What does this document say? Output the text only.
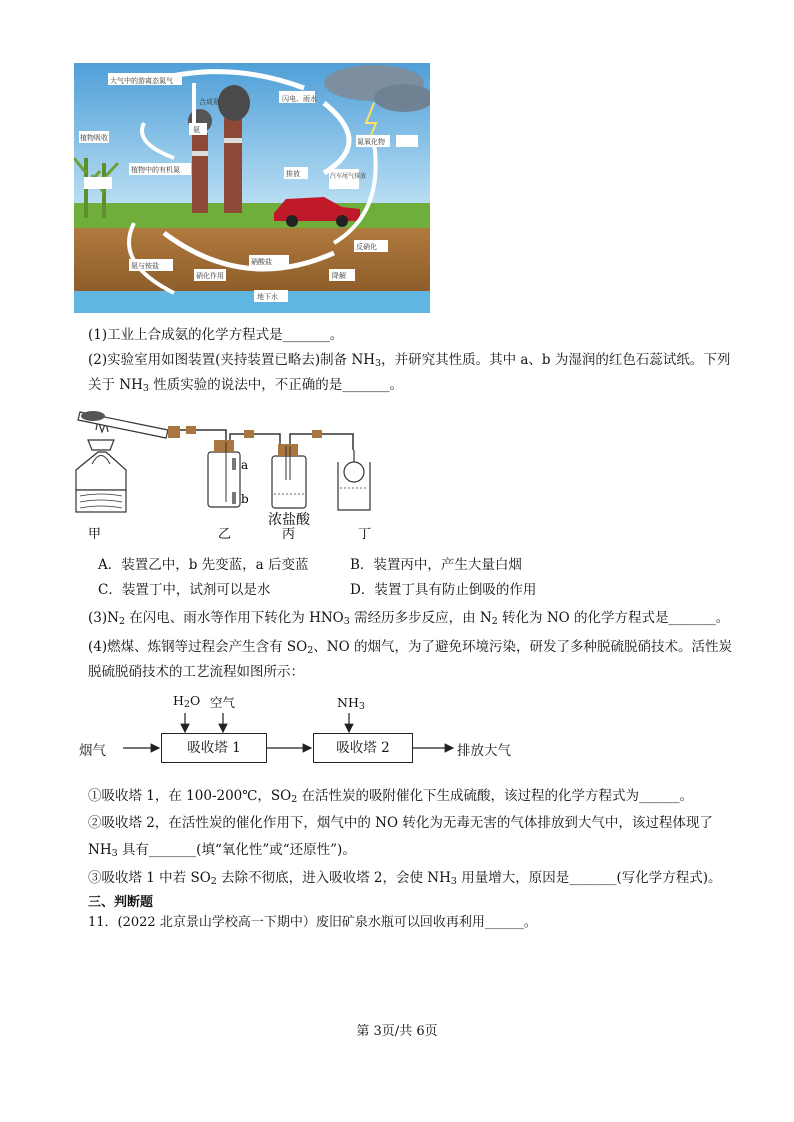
大气中的游离态氮气
合成氨
氨
闪电、雨水
植物吸收
植物中的有机氮	排放
氮氧化物
汽车尾气排放
氨与铵盐	硝酸盐
硝化作用
反硝化
降解
地下水
(1)工业上合成氨的化学方程式是_______。
(2)实验室用如图装置(夹持装置已略去)制备 $NH_3$，并研究其性质。其中 a、b 为湿润的红色石蕊试纸。下列
关于 $NH_3$ 性质实验的说法中，不正确的是_______。
a
b
浓盐酸
甲	乙	丙	丁
A．装置乙中，b 先变蓝，a 后变蓝	B．装置丙中，产生大量白烟
C．装置丁中，试剂可以是水	D．装置丁具有防止倒吸的作用
$(3)N_2$ 在闪电、雨水等作用下转化为 $HNO_3$ 需经历多步反应，由 $N_2$ 转化为 NO 的化学方程式是_______。
(4)燃煤、炼钢等过程会产生含有 $SO_2$、NO 的烟气，为了避免环境污染，研发了多种脱硫脱硝技术。活性炭
脱硫脱硝技术的工艺流程如图所示：
$H_2O$ 空气	$NH_3$
烟气	吸收塔 1	吸收塔 2	排放大气
①吸收塔 1，在 100-200℃，$SO_2$ 在活性炭的吸附催化下生成硫酸，该过程的化学方程式为______。
②吸收塔 2，在活性炭的催化作用下，烟气中的 NO 转化为无毒无害的气体排放到大气中，该过程体现了
$NH_3$ 具有_______(填“氧化性”或“还原性”)。
③吸收塔 1 中若 $SO_2$ 去除不彻底，进入吸收塔 2，会使 $NH_3$ 用量增大，原因是_______(写化学方程式)。
三、判断题
11．(2022 北京景山学校高一下期中）废旧矿泉水瓶可以回收再利用______。
第 3页/共 6页
